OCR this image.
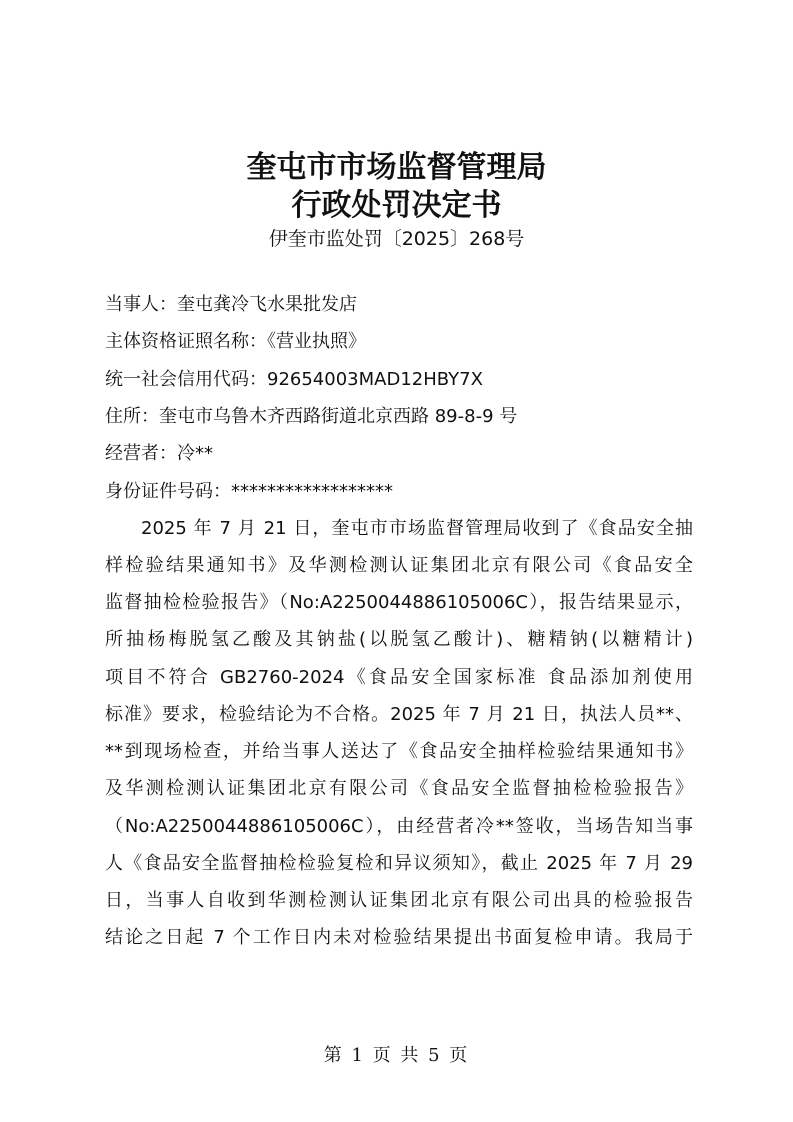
奎屯市市场监督管理局
行政处罚决定书
伊奎市监处罚〔2025〕268号
当事人：奎屯龚冷飞水果批发店
主体资格证照名称：《营业执照》
统一社会信用代码：92654003MAD12HBY7X
住所：奎屯市乌鲁木齐西路街道北京西路 89-8-9 号
经营者：冷**
身份证件号码：******************
2025 年 7 月 21 日，奎屯市市场监督管理局收到了《食品安全抽
样检验结果通知书》及华测检测认证集团北京有限公司《食品安全
监督抽检检验报告》（No:A2250044886105006C），报告结果显示，
所抽杨梅脱氢乙酸及其钠盐(以脱氢乙酸计)、糖精钠(以糖精计)
项目不符合 GB2760-2024《食品安全国家标准 食品添加剂使用
标准》要求，检验结论为不合格。2025 年 7 月 21 日，执法人员**、
**到现场检查，并给当事人送达了《食品安全抽样检验结果通知书》
及华测检测认证集团北京有限公司《食品安全监督抽检检验报告》
（No:A2250044886105006C），由经营者冷**签收，当场告知当事
人《食品安全监督抽检检验复检和异议须知》，截止 2025 年 7 月 29
日，当事人自收到华测检测认证集团北京有限公司出具的检验报告
结论之日起 7 个工作日内未对检验结果提出书面复检申请。我局于
第 1 页 共 5 页
